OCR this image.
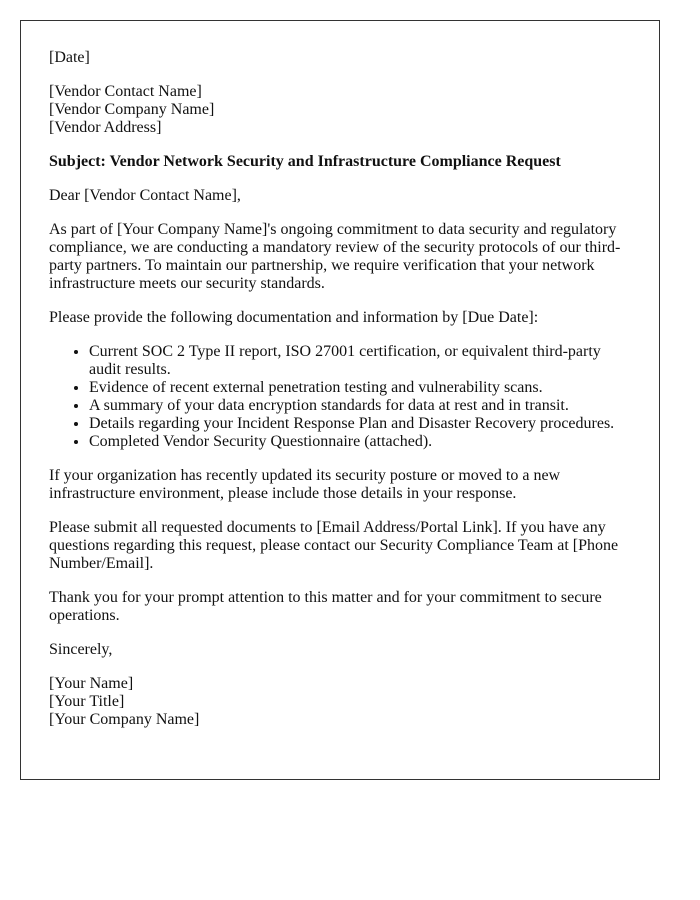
[Date]

[Vendor Contact Name]
[Vendor Company Name]
[Vendor Address]

Subject: Vendor Network Security and Infrastructure Compliance Request

Dear [Vendor Contact Name],

As part of [Your Company Name]'s ongoing commitment to data security and regulatory compliance, we are conducting a mandatory review of the security protocols of our third-party partners. To maintain our partnership, we require verification that your network infrastructure meets our security standards.

Please provide the following documentation and information by [Due Date]:

• Current SOC 2 Type II report, ISO 27001 certification, or equivalent third-party audit results.
• Evidence of recent external penetration testing and vulnerability scans.
• A summary of your data encryption standards for data at rest and in transit.
• Details regarding your Incident Response Plan and Disaster Recovery procedures.
• Completed Vendor Security Questionnaire (attached).

If your organization has recently updated its security posture or moved to a new infrastructure environment, please include those details in your response.

Please submit all requested documents to [Email Address/Portal Link]. If you have any questions regarding this request, please contact our Security Compliance Team at [Phone Number/Email].

Thank you for your prompt attention to this matter and for your commitment to secure operations.

Sincerely,

[Your Name]
[Your Title]
[Your Company Name]
